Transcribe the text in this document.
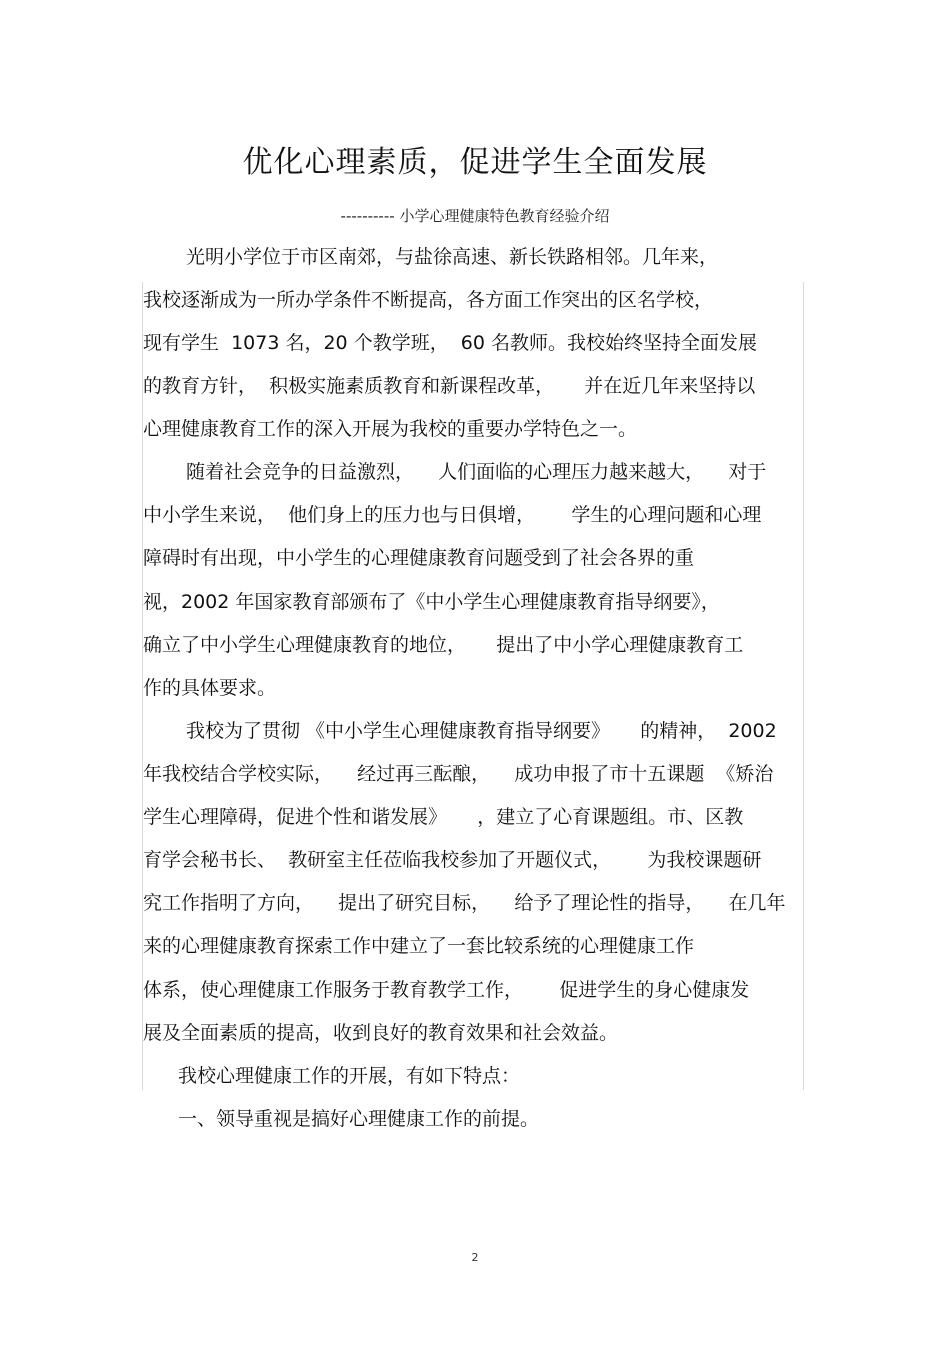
优化心理素质，促进学生全面发展
---------- 小学心理健康特色教育经验介绍
光明小学位于市区南郊，与盐徐高速、新长铁路相邻。几年来，
我校逐渐成为一所办学条件不断提高，各方面工作突出的区名学校，
现有学生  1073 名，20 个教学班，  60 名教师。我校始终坚持全面发展
的教育方针，  积极实施素质教育和新课程改革，     并在近几年来坚持以
心理健康教育工作的深入开展为我校的重要办学特色之一。
随着社会竞争的日益激烈，    人们面临的心理压力越来越大，    对于
中小学生来说，  他们身上的压力也与日俱增，      学生的心理问题和心理
障碍时有出现，中小学生的心理健康教育问题受到了社会各界的重
视，2002 年国家教育部颁布了《中小学生心理健康教育指导纲要》，
确立了中小学生心理健康教育的地位，     提出了中小学心理健康教育工
作的具体要求。
我校为了贯彻 《中小学生心理健康教育指导纲要》     的精神，  2002
年我校结合学校实际，    经过再三酝酿，    成功申报了市十五课题  《矫治
学生心理障碍，促进个性和谐发展》     ，建立了心育课题组。市、区教
育学会秘书长、  教研室主任莅临我校参加了开题仪式，      为我校课题研
究工作指明了方向，    提出了研究目标，    给予了理论性的指导，    在几年
来的心理健康教育探索工作中建立了一套比较系统的心理健康工作
体系，使心理健康工作服务于教育教学工作，      促进学生的身心健康发
展及全面素质的提高，收到良好的教育效果和社会效益。
我校心理健康工作的开展，有如下特点：
一、领导重视是搞好心理健康工作的前提。
2
